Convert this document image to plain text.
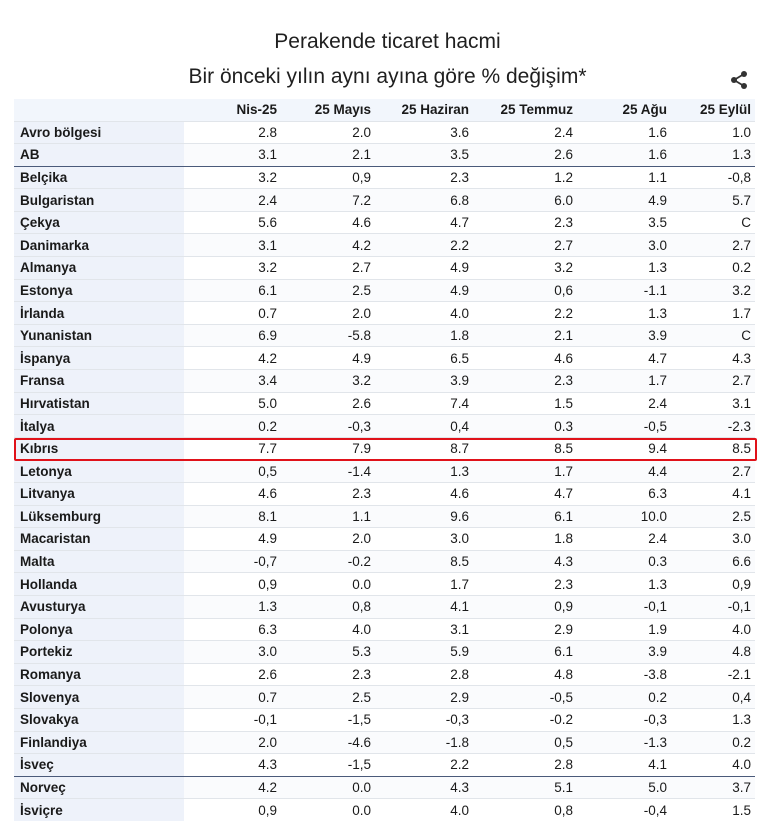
Perakende ticaret hacmi
Bir önceki yılın aynı ayına göre % değişim*
	Nis-25	25 Mayıs	25 Haziran	25 Temmuz	25 Ağu	25 Eylül
Avro bölgesi	2.8	2.0	3.6	2.4	1.6	1.0
AB	3.1	2.1	3.5	2.6	1.6	1.3
Belçika	3.2	0,9	2.3	1.2	1.1	-0,8
Bulgaristan	2.4	7.2	6.8	6.0	4.9	5.7
Çekya	5.6	4.6	4.7	2.3	3.5	C
Danimarka	3.1	4.2	2.2	2.7	3.0	2.7
Almanya	3.2	2.7	4.9	3.2	1.3	0.2
Estonya	6.1	2.5	4.9	0,6	-1.1	3.2
İrlanda	0.7	2.0	4.0	2.2	1.3	1.7
Yunanistan	6.9	-5.8	1.8	2.1	3.9	C
İspanya	4.2	4.9	6.5	4.6	4.7	4.3
Fransa	3.4	3.2	3.9	2.3	1.7	2.7
Hırvatistan	5.0	2.6	7.4	1.5	2.4	3.1
İtalya	0.2	-0,3	0,4	0.3	-0,5	-2.3
Kıbrıs	7.7	7.9	8.7	8.5	9.4	8.5
Letonya	0,5	-1.4	1.3	1.7	4.4	2.7
Litvanya	4.6	2.3	4.6	4.7	6.3	4.1
Lüksemburg	8.1	1.1	9.6	6.1	10.0	2.5
Macaristan	4.9	2.0	3.0	1.8	2.4	3.0
Malta	-0,7	-0.2	8.5	4.3	0.3	6.6
Hollanda	0,9	0.0	1.7	2.3	1.3	0,9
Avusturya	1.3	0,8	4.1	0,9	-0,1	-0,1
Polonya	6.3	4.0	3.1	2.9	1.9	4.0
Portekiz	3.0	5.3	5.9	6.1	3.9	4.8
Romanya	2.6	2.3	2.8	4.8	-3.8	-2.1
Slovenya	0.7	2.5	2.9	-0,5	0.2	0,4
Slovakya	-0,1	-1,5	-0,3	-0.2	-0,3	1.3
Finlandiya	2.0	-4.6	-1.8	0,5	-1.3	0.2
İsveç	4.3	-1,5	2.2	2.8	4.1	4.0
Norveç	4.2	0.0	4.3	5.1	5.0	3.7
İsviçre	0,9	0.0	4.0	0,8	-0,4	1.5
